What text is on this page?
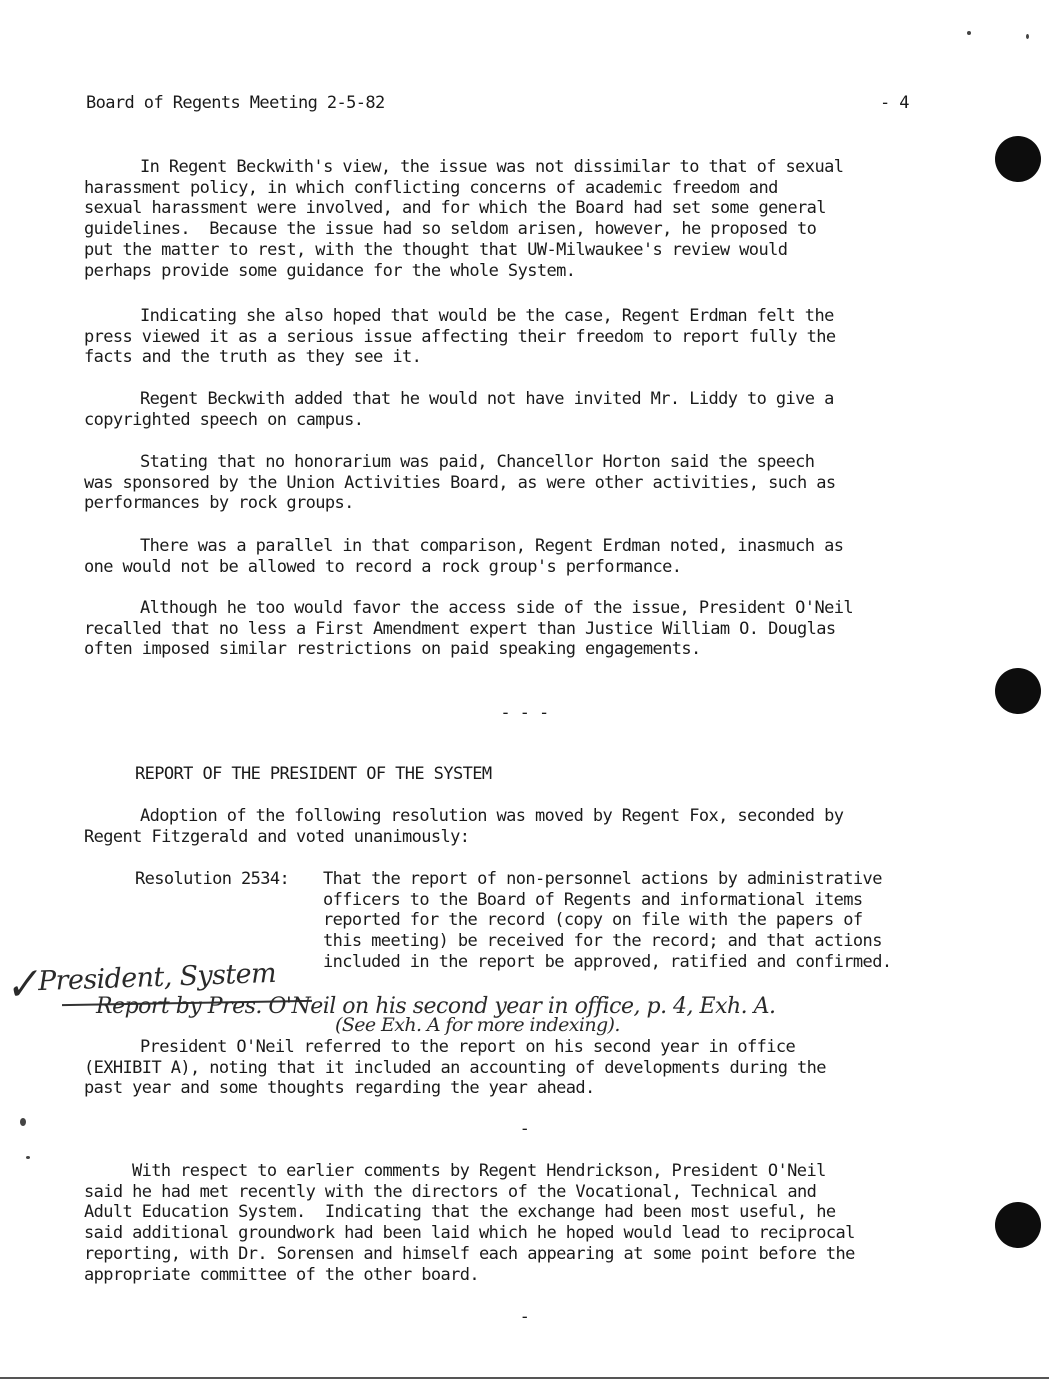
Board of Regents Meeting 2-5-82	- 4
In Regent Beckwith's view, the issue was not dissimilar to that of sexual
harassment policy, in which conflicting concerns of academic freedom and
sexual harassment were involved, and for which the Board had set some general
guidelines.  Because the issue had so seldom arisen, however, he proposed to
put the matter to rest, with the thought that UW-Milwaukee's review would
perhaps provide some guidance for the whole System.
Indicating she also hoped that would be the case, Regent Erdman felt the
press viewed it as a serious issue affecting their freedom to report fully the
facts and the truth as they see it.
Regent Beckwith added that he would not have invited Mr. Liddy to give a
copyrighted speech on campus.
Stating that no honorarium was paid, Chancellor Horton said the speech
was sponsored by the Union Activities Board, as were other activities, such as
performances by rock groups.
There was a parallel in that comparison, Regent Erdman noted, inasmuch as
one would not be allowed to record a rock group's performance.
Although he too would favor the access side of the issue, President O'Neil
recalled that no less a First Amendment expert than Justice William O. Douglas
often imposed similar restrictions on paid speaking engagements.
- - -
REPORT OF THE PRESIDENT OF THE SYSTEM
Adoption of the following resolution was moved by Regent Fox, seconded by
Regent Fitzgerald and voted unanimously:
Resolution 2534: That the report of non-personnel actions by administrative
officers to the Board of Regents and informational items
reported for the record (copy on file with the papers of
this meeting) be received for the record; and that actions
included in the report be approved, ratified and confirmed.
✓
President, System
Report by Pres. O'Neil on his second year in office, p. 4, Exh. A.
(See Exh. A for more indexing).
President O'Neil referred to the report on his second year in office
(EXHIBIT A), noting that it included an accounting of developments during the
past year and some thoughts regarding the year ahead.
-
With respect to earlier comments by Regent Hendrickson, President O'Neil
said he had met recently with the directors of the Vocational, Technical and
Adult Education System.  Indicating that the exchange had been most useful, he
said additional groundwork had been laid which he hoped would lead to reciprocal
reporting, with Dr. Sorensen and himself each appearing at some point before the
appropriate committee of the other board.
-
